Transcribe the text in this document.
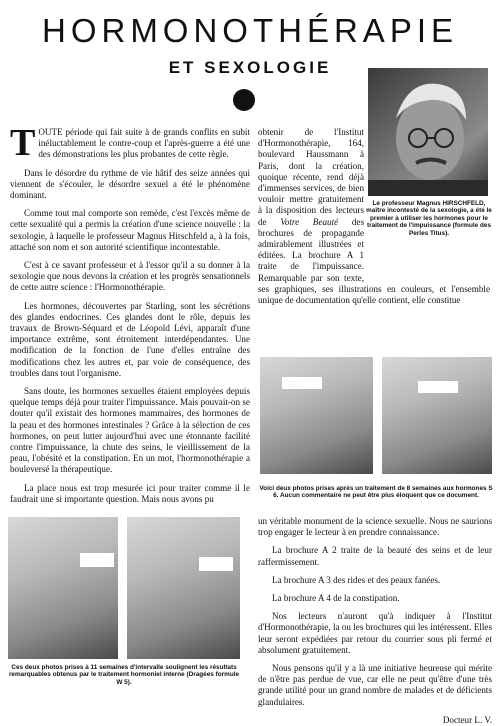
HORMONOTHÉRAPIE
ET SEXOLOGIE
Le professeur Magnus HIRSCHFELD, maître incontesté de la sexologie, a été le premier à utiliser les hormones pour le traitement de l'impuissance (formule des Perles Titus).

TOUTE période qui fait suite à de grands conflits en subit inéluctablement le contre-coup et l'après-guerre a été une des démonstrations les plus probantes de cette règle.

Dans le désordre du rythme de vie hâtif des seize années qui viennent de s'écouler, le désordre sexuel a été le phénomène dominant.

Comme tout mal comporte son remède, c'est l'excès même de cette sexualité qui a permis la création d'une science nouvelle : la sexologie, à laquelle le professeur Magnus Hirschfeld a, à la fois, attaché son nom et son autorité scientifique incontestable.

C'est à ce savant professeur et à l'essor qu'il a su donner à la sexologie que nous devons la création et les progrès sensationnels de cette autre science : l'Hormonothérapie.

Les hormones, découvertes par Starling, sont les sécrétions des glandes endocrines. Ces glandes dont le rôle, depuis les travaux de Brown-Séquard et de Léopold Lévi, apparaît d'une importance extrême, sont étroitement interdépendantes. Une modification de la fonction de l'une d'elles entraîne des modifications chez les autres et, par voie de conséquence, des troubles dans tout l'organisme.

Sans doute, les hormones sexuelles étaient employées depuis quelque temps déjà pour traiter l'impuissance. Mais pouvait-on se douter qu'il existait des hormones mammaires, des hormones de la peau et des hormones intestinales ? Grâce à la sélection de ces hormones, on peut lutter aujourd'hui avec une étonnante facilité contre l'impuissance, la chute des seins, le vieillissement de la peau, l'obésité et la constipation. En un mot, l'hormonothérapie a bouleversé la thérapeutique.

La place nous est trop mesurée ici pour traiter comme il le faudrait une si importante question. Mais nous avons pu

obtenir de l'Institut d'Hormonothérapie, 164, boulevard Haussmann à Paris, dont la création, quoique récente, rend déjà d'immenses services, de bien vouloir mettre gratuitement à la disposition des lecteurs de Votre Beauté des brochures de propagande admirablement illustrées et éditées. La brochure A 1 traite de l'impuissance. Remarquable par son texte, ses graphiques, ses illustrations en couleurs, et l'ensemble unique de documentation qu'elle contient, elle constitue

Voici deux photos prises après un traitement de 8 semaines aux hormones S 6. Aucun commentaire ne peut être plus éloquent que ce document.
Ces deux photos prises à 11 semaines d'intervalle soulignent les résultats remarquables obtenus par le traitement hormoniel interne (Dragées formule W 5).

un véritable monument de la science sexuelle. Nous ne saurions trop engager le lecteur à en prendre connaissance.

La brochure A 2 traite de la beauté des seins et de leur raffermissement.

La brochure A 3 des rides et des peaux fanées.

La brochure A 4 de la constipation.

Nos lecteurs n'auront qu'à indiquer à l'Institut d'Hormonothérapie, la ou les brochures qui les intéressent. Elles leur seront expédiées par retour du courrier sous pli fermé et absolument gratuitement.

Nous pensons qu'il y a là une initiative heureuse qui mérite de n'être pas perdue de vue, car elle ne peut qu'être d'une très grande utilité pour un grand nombre de malades et de déficients glandulaires.

Docteur L. V.
